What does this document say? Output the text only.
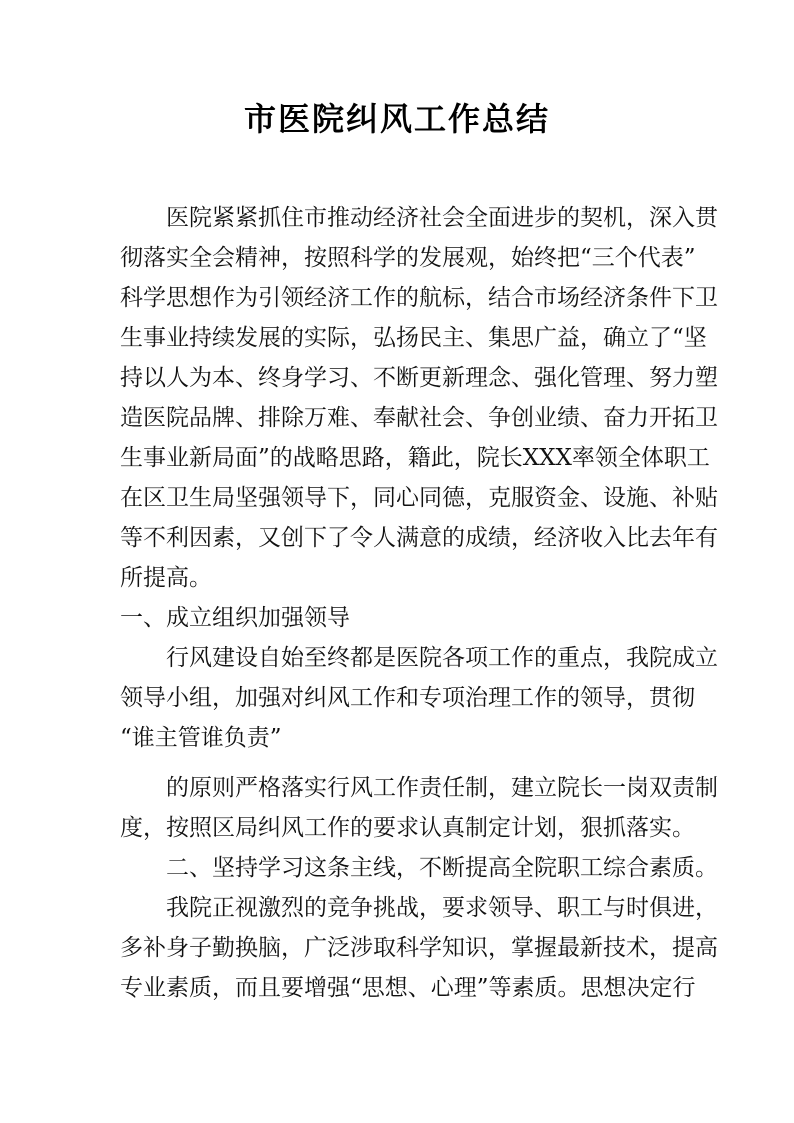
市医院纠风工作总结
医院紧紧抓住市推动经济社会全面进步的契机，深入贯
彻落实全会精神，按照科学的发展观，始终把“三个代表”
科学思想作为引领经济工作的航标，结合市场经济条件下卫
生事业持续发展的实际，弘扬民主、集思广益，确立了“坚
持以人为本、终身学习、不断更新理念、强化管理、努力塑
造医院品牌、排除万难、奉献社会、争创业绩、奋力开拓卫
生事业新局面”的战略思路，籍此，院长XXX率领全体职工
在区卫生局坚强领导下，同心同德，克服资金、设施、补贴
等不利因素，又创下了令人满意的成绩，经济收入比去年有
所提高。
一、成立组织加强领导
行风建设自始至终都是医院各项工作的重点，我院成立
领导小组，加强对纠风工作和专项治理工作的领导，贯彻
“谁主管谁负责”
的原则严格落实行风工作责任制，建立院长一岗双责制
度，按照区局纠风工作的要求认真制定计划，狠抓落实。
二、坚持学习这条主线，不断提高全院职工综合素质。
我院正视激烈的竞争挑战，要求领导、职工与时俱进，
多补身子勤换脑，广泛涉取科学知识，掌握最新技术，提高
专业素质，而且要增强“思想、心理”等素质。思想决定行
